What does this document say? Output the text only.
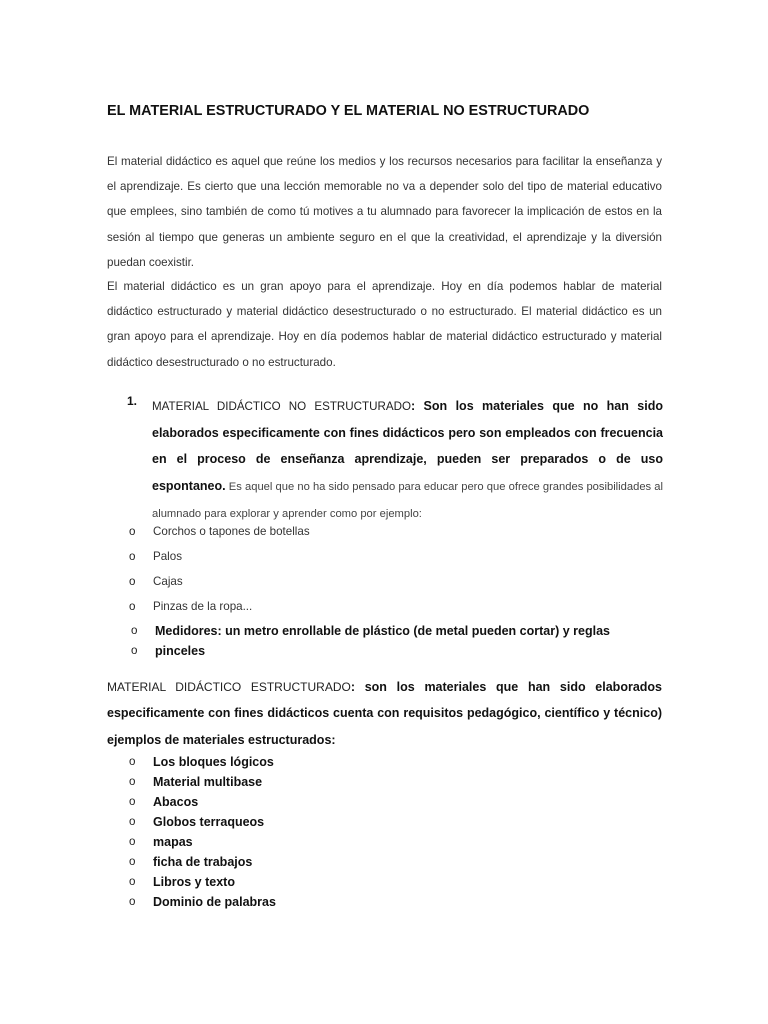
EL MATERIAL ESTRUCTURADO Y EL MATERIAL NO ESTRUCTURADO

El material didáctico es aquel que reúne los medios y los recursos necesarios para facilitar la enseñanza y el aprendizaje. Es cierto que una lección memorable no va a depender solo del tipo de material educativo que emplees, sino también de como tú motives a tu alumnado para favorecer la implicación de estos en la sesión al tiempo que generas un ambiente seguro en el que la creatividad, el aprendizaje y la diversión puedan coexistir.

El material didáctico es un gran apoyo para el aprendizaje. Hoy en día podemos hablar de material didáctico estructurado y material didáctico desestructurado o no estructurado. El material didáctico es un gran apoyo para el aprendizaje. Hoy en día podemos hablar de material didáctico estructurado y material didáctico desestructurado o no estructurado.

1. MATERIAL DIDÁCTICO NO ESTRUCTURADO: Son los materiales que no han sido elaborados especificamente con fines didácticos pero son empleados con frecuencia en el proceso de enseñanza aprendizaje, pueden ser preparados o de uso espontaneo. Es aquel que no ha sido pensado para educar pero que ofrece grandes posibilidades al alumnado para explorar y aprender como por ejemplo:
o Corchos o tapones de botellas
o Palos
o Cajas
o Pinzas de la ropa...
o Medidores: un metro enrollable de plástico (de metal pueden cortar) y reglas
o pinceles
MATERIAL DIDÁCTICO ESTRUCTURADO: son los materiales que han sido elaborados especificamente con fines didácticos cuenta con requisitos pedagógico, científico y técnico) ejemplos de materiales estructurados:
o Los bloques lógicos
o Material multibase
o Abacos
o Globos terraqueos
o mapas
o ficha de trabajos
o Libros y texto
o Dominio de palabras
